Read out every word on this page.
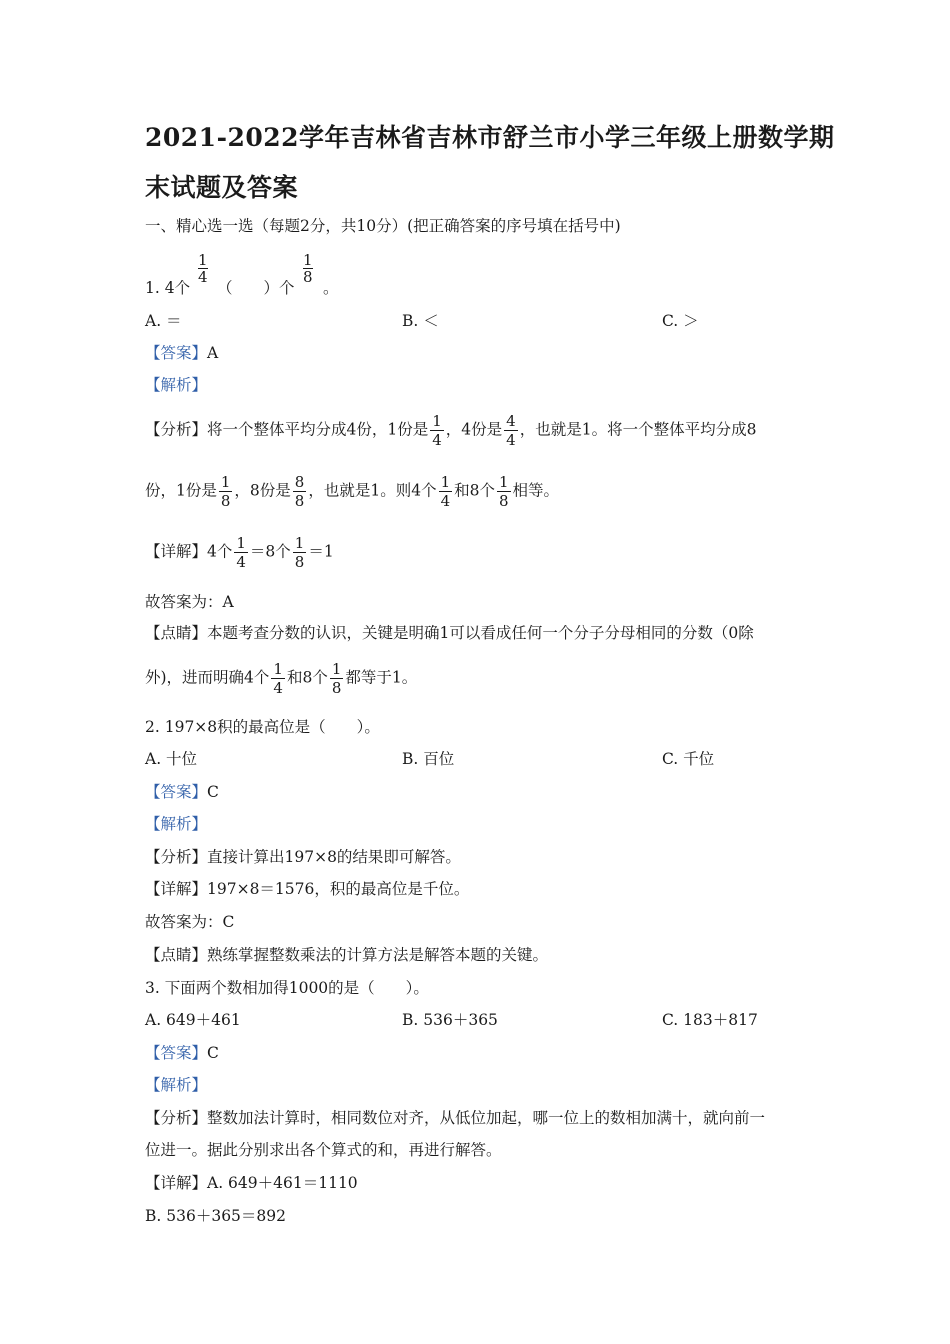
2021-2022学年吉林省吉林市舒兰市小学三年级上册数学期
末试题及答案
一、精心选一选（每题2分，共10分）(把正确答案的序号填在括号中)
1. 4个
$\frac{1}{4}$
（　　）个
$\frac{1}{8}$
。
A. ＝	B. ＜	C. ＞
【答案】A
【解析】
【分析】将一个整体平均分成4份，1份是 $\frac{1}{4}$ ，4份是 $\frac{4}{4}$ ，也就是1。将一个整体平均分成8
份，1份是 $\frac{1}{8}$ ，8份是 $\frac{8}{8}$ ，也就是1。则4个 $\frac{1}{4}$ 和8个 $\frac{1}{8}$ 相等。
【详解】4个 $\frac{1}{4} =8$个 $\frac{1}{8} =1$
故答案为：A
【点睛】本题考查分数的认识，关键是明确1可以看成任何一个分子分母相同的分数（0除
外)，进而明确4个 $\frac{1}{4}$ 和8个 $\frac{1}{8}$ 都等于1。
2. 197×8积的最高位是（　　）。
A. 十位	B. 百位	C. 千位
【答案】C
【解析】
【分析】直接计算出197×8的结果即可解答。
【详解】197×8＝1576，积的最高位是千位。
故答案为：C
【点睛】熟练掌握整数乘法的计算方法是解答本题的关键。
3. 下面两个数相加得1000的是（　　）。
A. 649＋461	B. 536＋365	C. 183＋817
【答案】C
【解析】
【分析】整数加法计算时，相同数位对齐，从低位加起，哪一位上的数相加满十，就向前一
位进一。据此分别求出各个算式的和，再进行解答。
【详解】A. 649＋461＝1110
B. 536＋365＝892
